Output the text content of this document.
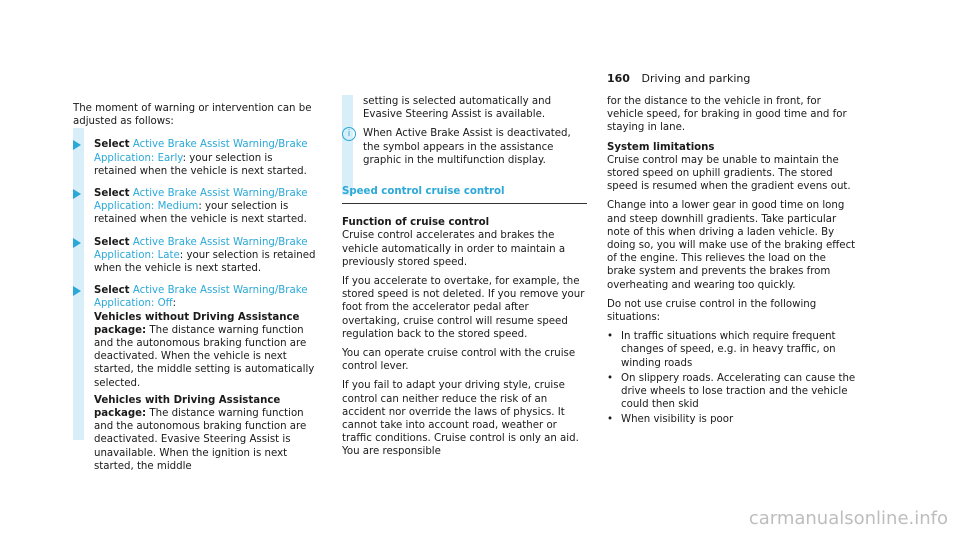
160 Driving and parking

The moment of warning or intervention can be adjusted as follows:

Select Active Brake Assist Warning/Brake Application: Early: your selection is retained when the vehicle is next started.
Select Active Brake Assist Warning/Brake Application: Medium: your selection is retained when the vehicle is next started.
Select Active Brake Assist Warning/Brake Application: Late: your selection is retained when the vehicle is next started.
Select Active Brake Assist Warning/Brake Application: Off:
Vehicles without Driving Assistance package: The distance warning function and the autonomous braking function are deactivated. When the vehicle is next started, the middle setting is automatically selected.
Vehicles with Driving Assistance package: The distance warning function and the autonomous braking function are deactivated. Evasive Steering Assist is unavailable. When the ignition is next started, the middle

setting is selected automatically and Evasive Steering Assist is available.

i	When Active Brake Assist is deactivated, the symbol appears in the assistance graphic in the multifunction display.
Speed control cruise control

Function of cruise control

Cruise control accelerates and brakes the vehicle automatically in order to maintain a previously stored speed.

If you accelerate to overtake, for example, the stored speed is not deleted. If you remove your foot from the accelerator pedal after overtaking, cruise control will resume speed regulation back to the stored speed.

You can operate cruise control with the cruise control lever.

If you fail to adapt your driving style, cruise control can neither reduce the risk of an accident nor override the laws of physics. It cannot take into account road, weather or traffic conditions. Cruise control is only an aid. You are responsible

for the distance to the vehicle in front, for vehicle speed, for braking in good time and for staying in lane.

System limitations

Cruise control may be unable to maintain the stored speed on uphill gradients. The stored speed is resumed when the gradient evens out.

Change into a lower gear in good time on long and steep downhill gradients. Take particular note of this when driving a laden vehicle. By doing so, you will make use of the braking effect of the engine. This relieves the load on the brake system and prevents the brakes from overheating and wearing too quickly.

Do not use cruise control in the following situations:

• In traffic situations which require frequent changes of speed, e.g. in heavy traffic, on winding roads
• On slippery roads. Accelerating can cause the drive wheels to lose traction and the vehicle could then skid
• When visibility is poor
carmanualsonline.info
